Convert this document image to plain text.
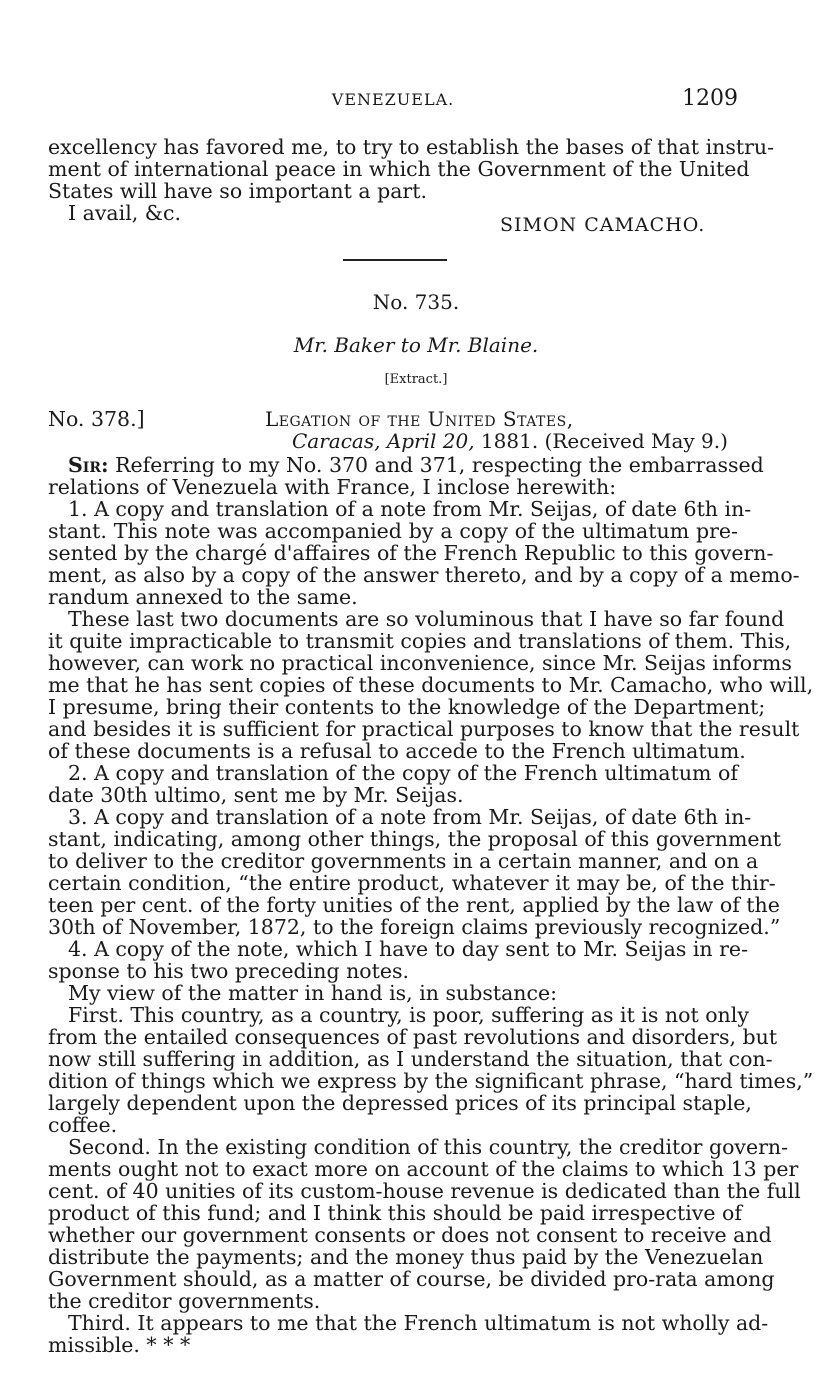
VENEZUELA.	1209
excellency has favored me, to try to establish the bases of that instru-
ment of international peace in which the Government of the United
States will have so important a part.
I avail, &c.	SIMON CAMACHO.
No. 735.
Mr. Baker to Mr. Blaine.
[Extract.]
No. 378.]	Legation of the United States,
Caracas, April 20, 1881. (Received May 9.)
Sir: Referring to my No. 370 and 371, respecting the embarrassed
relations of Venezuela with France, I inclose herewith:
1. A copy and translation of a note from Mr. Seijas, of date 6th in-
stant. This note was accompanied by a copy of the ultimatum pre-
sented by the chargé d'affaires of the French Republic to this govern-
ment, as also by a copy of the answer thereto, and by a copy of a memo-
randum annexed to the same.
These last two documents are so voluminous that I have so far found
it quite impracticable to transmit copies and translations of them. This,
however, can work no practical inconvenience, since Mr. Seijas informs
me that he has sent copies of these documents to Mr. Camacho, who will,
I presume, bring their contents to the knowledge of the Department;
and besides it is sufficient for practical purposes to know that the result
of these documents is a refusal to accede to the French ultimatum.
2. A copy and translation of the copy of the French ultimatum of
date 30th ultimo, sent me by Mr. Seijas.
3. A copy and translation of a note from Mr. Seijas, of date 6th in-
stant, indicating, among other things, the proposal of this government
to deliver to the creditor governments in a certain manner, and on a
certain condition, “the entire product, whatever it may be, of the thir-
teen per cent. of the forty unities of the rent, applied by the law of the
30th of November, 1872, to the foreign claims previously recognized.”
4. A copy of the note, which I have to day sent to Mr. Seijas in re-
sponse to his two preceding notes.
My view of the matter in hand is, in substance:
First. This country, as a country, is poor, suffering as it is not only
from the entailed consequences of past revolutions and disorders, but
now still suffering in addition, as I understand the situation, that con-
dition of things which we express by the significant phrase, “hard times,”
largely dependent upon the depressed prices of its principal staple,
coffee.
Second. In the existing condition of this country, the creditor govern-
ments ought not to exact more on account of the claims to which 13 per
cent. of 40 unities of its custom-house revenue is dedicated than the full
product of this fund; and I think this should be paid irrespective of
whether our government consents or does not consent to receive and
distribute the payments; and the money thus paid by the Venezuelan
Government should, as a matter of course, be divided pro-rata among
the creditor governments.
Third. It appears to me that the French ultimatum is not wholly ad-
missible. * * *
